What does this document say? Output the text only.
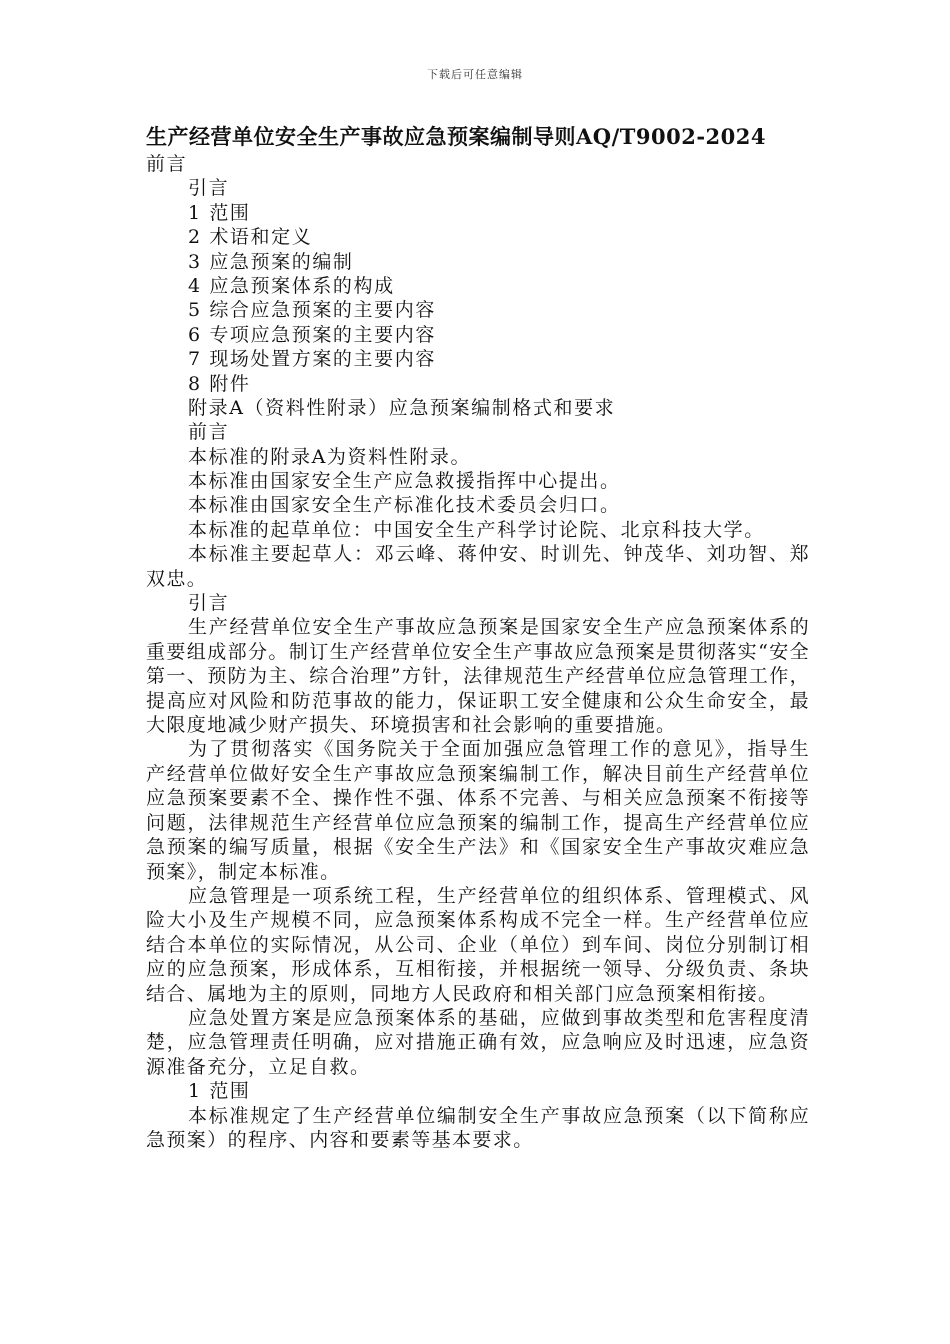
下载后可任意编辑
生产经营单位安全生产事故应急预案编制导则AQ/T9002-2024

前言

引言

1 范围

2 术语和定义

3 应急预案的编制

4 应急预案体系的构成

5 综合应急预案的主要内容

6 专项应急预案的主要内容

7 现场处置方案的主要内容

8 附件

附录A（资料性附录）应急预案编制格式和要求

前言

本标准的附录A为资料性附录。

本标准由国家安全生产应急救援指挥中心提出。

本标准由国家安全生产标准化技术委员会归口。

本标准的起草单位：中国安全生产科学讨论院、北京科技大学。

本标准主要起草人：邓云峰、蒋仲安、时训先、钟茂华、刘功智、郑双忠。

引言

生产经营单位安全生产事故应急预案是国家安全生产应急预案体系的重要组成部分。制订生产经营单位安全生产事故应急预案是贯彻落实“安全第一、预防为主、综合治理”方针，法律规范生产经营单位应急管理工作，提高应对风险和防范事故的能力，保证职工安全健康和公众生命安全，最大限度地减少财产损失、环境损害和社会影响的重要措施。

为了贯彻落实《国务院关于全面加强应急管理工作的意见》，指导生产经营单位做好安全生产事故应急预案编制工作，解决目前生产经营单位应急预案要素不全、操作性不强、体系不完善、与相关应急预案不衔接等问题，法律规范生产经营单位应急预案的编制工作，提高生产经营单位应急预案的编写质量，根据《安全生产法》和《国家安全生产事故灾难应急预案》，制定本标准。

应急管理是一项系统工程，生产经营单位的组织体系、管理模式、风险大小及生产规模不同，应急预案体系构成不完全一样。生产经营单位应结合本单位的实际情况，从公司、企业（单位）到车间、岗位分别制订相应的应急预案，形成体系，互相衔接，并根据统一领导、分级负责、条块结合、属地为主的原则，同地方人民政府和相关部门应急预案相衔接。

应急处置方案是应急预案体系的基础，应做到事故类型和危害程度清楚，应急管理责任明确，应对措施正确有效，应急响应及时迅速，应急资源准备充分，立足自救。

1 范围

本标准规定了生产经营单位编制安全生产事故应急预案（以下简称应急预案）的程序、内容和要素等基本要求。
